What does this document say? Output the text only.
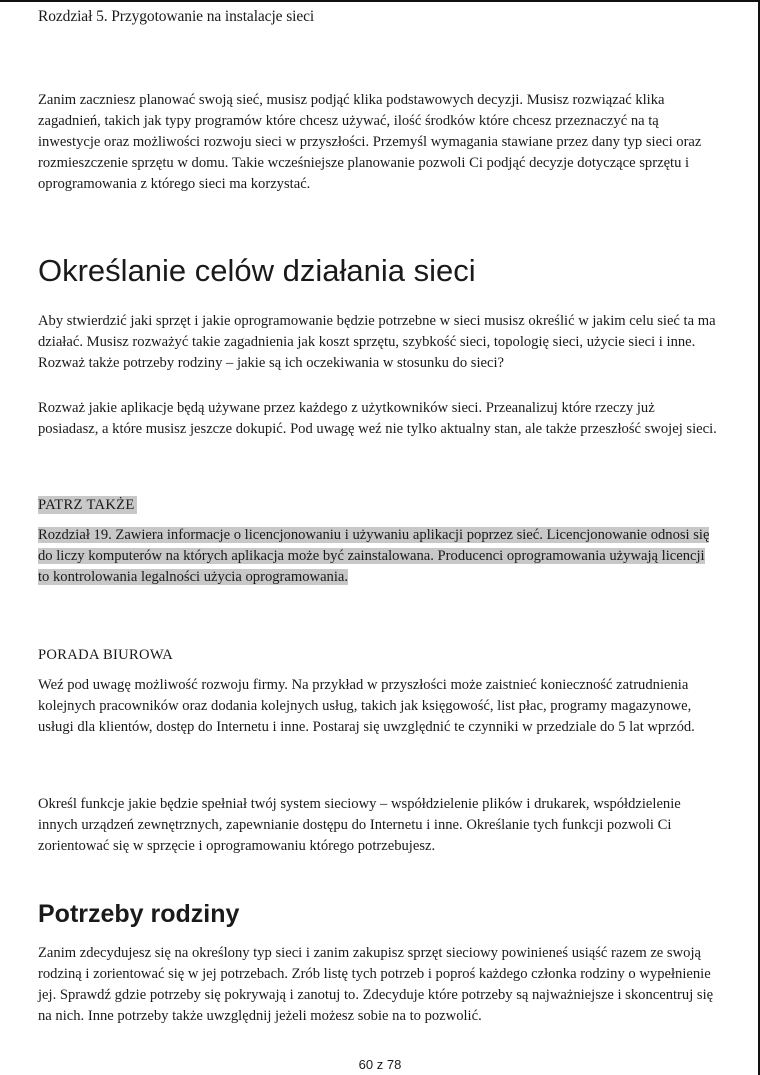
Rozdział 5. Przygotowanie na instalacje sieci

Zanim zaczniesz planować swoją sieć, musisz podjąć klika podstawowych decyzji. Musisz rozwiązać klika zagadnień, takich jak typy programów które chcesz używać, ilość środków które chcesz przeznaczyć na tą inwestycje oraz możliwości rozwoju sieci w przyszłości. Przemyśl wymagania stawiane przez dany typ sieci oraz rozmieszczenie sprzętu w domu. Takie wcześniejsze planowanie pozwoli Ci podjąć decyzje dotyczące sprzętu i oprogramowania z którego sieci ma korzystać.

Określanie celów działania sieci

Aby stwierdzić jaki sprzęt i jakie oprogramowanie będzie potrzebne w sieci musisz określić w jakim celu sieć ta ma działać. Musisz rozważyć takie zagadnienia jak koszt sprzętu, szybkość sieci, topologię sieci, użycie sieci i inne. Rozważ także potrzeby rodziny – jakie są ich oczekiwania w stosunku do sieci?

Rozważ jakie aplikacje będą używane przez każdego z użytkowników sieci. Przeanalizuj które rzeczy już posiadasz, a które musisz jeszcze dokupić. Pod uwagę weź nie tylko aktualny stan, ale także przeszłość swojej sieci.

PATRZ TAKŻE

Rozdział 19. Zawiera informacje o licencjonowaniu i używaniu aplikacji poprzez sieć. Licencjonowanie odnosi się do liczy komputerów na których aplikacja może być zainstalowana. Producenci oprogramowania używają licencji to kontrolowania legalności użycia oprogramowania.

PORADA BIUROWA

Weź pod uwagę możliwość rozwoju firmy. Na przykład w przyszłości może zaistnieć konieczność zatrudnienia kolejnych pracowników oraz dodania kolejnych usług, takich jak księgowość, list płac, programy magazynowe, usługi dla klientów, dostęp do Internetu i inne. Postaraj się uwzględnić te czynniki w przedziale do 5 lat wprzód.

Określ funkcje jakie będzie spełniał twój system sieciowy – współdzielenie plików i drukarek, współdzielenie innych urządzeń zewnętrznych, zapewnianie dostępu do Internetu i inne. Określanie tych funkcji pozwoli Ci zorientować się w sprzęcie i oprogramowaniu którego potrzebujesz.

Potrzeby rodziny

Zanim zdecydujesz się na określony typ sieci i zanim zakupisz sprzęt sieciowy powinieneś usiąść razem ze swoją rodziną i zorientować się w jej potrzebach. Zrób listę tych potrzeb i poproś każdego członka rodziny o wypełnienie jej. Sprawdź gdzie potrzeby się pokrywają i zanotuj to. Zdecyduje które potrzeby są najważniejsze i skoncentruj się na nich. Inne potrzeby także uwzględnij jeżeli możesz sobie na to pozwolić.

60 z 78
